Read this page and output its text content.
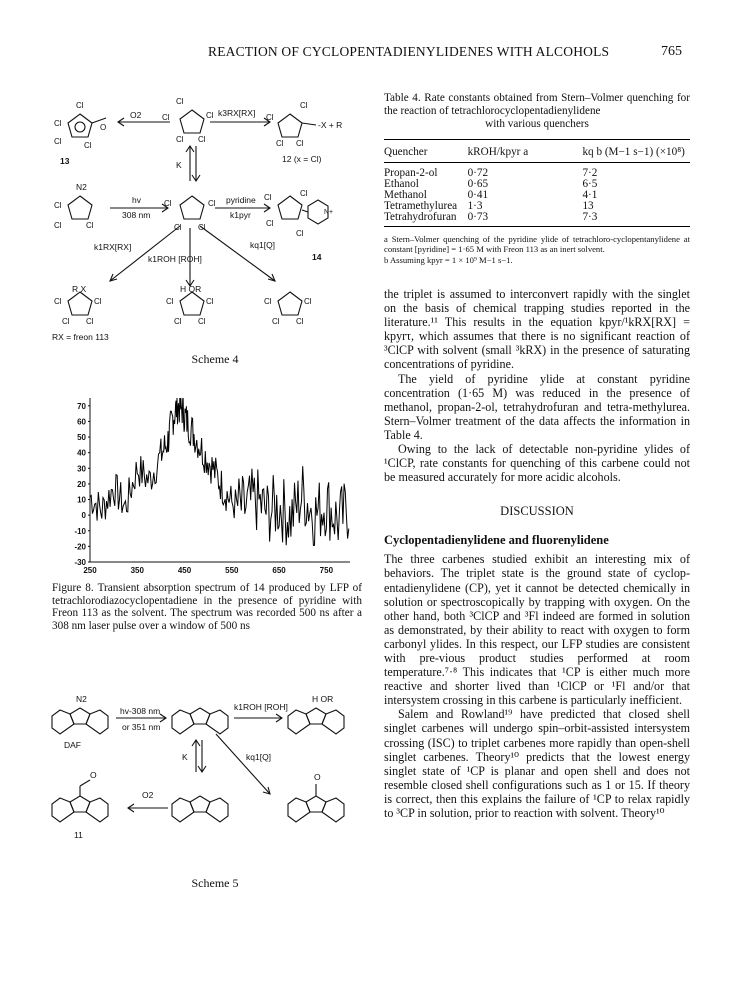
REACTION OF CYCLOPENTADIENYLIDENES WITH ALCOHOLS	765
Cl
Cl
Cl	Cl
Cl
Cl
Cl
Cl Cl
Cl
Cl
Cl Cl
Cl
Cl	Cl
Cl	Cl
Cl Cl
Cl	Cl
Cl
Cl
Cl	Cl
Cl Cl
Cl	Cl
Cl Cl
Cl	Cl
Cl Cl
O
N+
O2	k3RX[RX]
-X + R
13	12 (x = Cl)
K
N2
hv
308 nm
pyridine
k1pyr
k1RX[RX]
k1ROH [ROH]
kq1[Q]
14
R X	H OR
RX = freon 113
Scheme 4
70
60
50
40
30
20
10
0
-10
-20
-30
250	350	450	550	650	750
Figure 8. Transient absorption spectrum of 14 produced by LFP of tetrachlorodiazocyclopentadiene in the presence of pyridine with Freon 113 as the solvent. The spectrum was recorded 500 ns after a 308 nm laser pulse over a window of 500 ns
N2
hv-308 nm
or 351 nm
k1ROH [ROH]
H OR
DAF
K	kq1[Q]
O2
O	O
11
Scheme 5

Table 4. Rate constants obtained from Stern–Volmer quenching for the reaction of tetrachlorocyclopentadienylidene
with various quenchers

Quencher	kROH/kpyr a	kq b (M−1 s−1) (×10⁸)
Propan-2-ol	0·72	7·2
Ethanol	0·65	6·5
Methanol	0·41	4·1
Tetramethylurea	1·3	13
Tetrahydrofuran	0·73	7·3

a Stern–Volmer quenching of the pyridine ylide of tetrachloro-cyclopentanylidene at constant [pyridine] = 1·65 M with Freon 113 as an inert solvent.

b Assuming kpyr = 1 × 10⁹ M−1 s−1.

the triplet is assumed to interconvert rapidly with the singlet on the basis of chemical trapping studies reported in the literature.¹¹ This results in the equation kpyr/¹kRX[RX] = kpyrτ, which assumes that there is no significant reaction of ³ClCP with solvent (small ³kRX) in the presence of saturating concentrations of pyridine.

The yield of pyridine ylide at constant pyridine concentration (1·65 M) was reduced in the presence of methanol, propan-2-ol, tetrahydrofuran and tetra-methylurea. Stern–Volmer treatment of the data affects the information in Table 4.

Owing to the lack of detectable non-pyridine ylides of ¹ClCP, rate constants for quenching of this carbene could not be measured accurately for more acidic alcohols.

DISCUSSION

Cyclopentadienylidene and fluorenylidene

The three carbenes studied exhibit an interesting mix of behaviors. The triplet state is the ground state of cyclop-entadienylidene (CP), yet it cannot be detected chemically in solution or spectroscopically by trapping with oxygen. On the other hand, both ³ClCP and ³Fl indeed are formed in solution as demonstrated, by their ability to react with oxygen to form carbonyl ylides. In this respect, our LFP studies are consistent with pre-vious product studies performed at room temperature.⁷·⁸ This indicates that ¹CP is either much more reactive and shorter lived than ¹ClCP or ¹Fl and/or that intersystem crossing in this carbene is particularly inefficient.

Salem and Rowland¹⁹ have predicted that closed shell singlet carbenes will undergo spin–orbit-assisted intersystem crossing (ISC) to triplet carbenes more rapidly than open-shell singlet carbenes. Theory¹⁰ predicts that the lowest energy singlet state of ¹CP is planar and open shell and does not resemble closed shell configurations such as 1 or 15. If theory is correct, then this explains the failure of ¹CP to relax rapidly to ³CP in solution, prior to reaction with solvent. Theory¹⁰
